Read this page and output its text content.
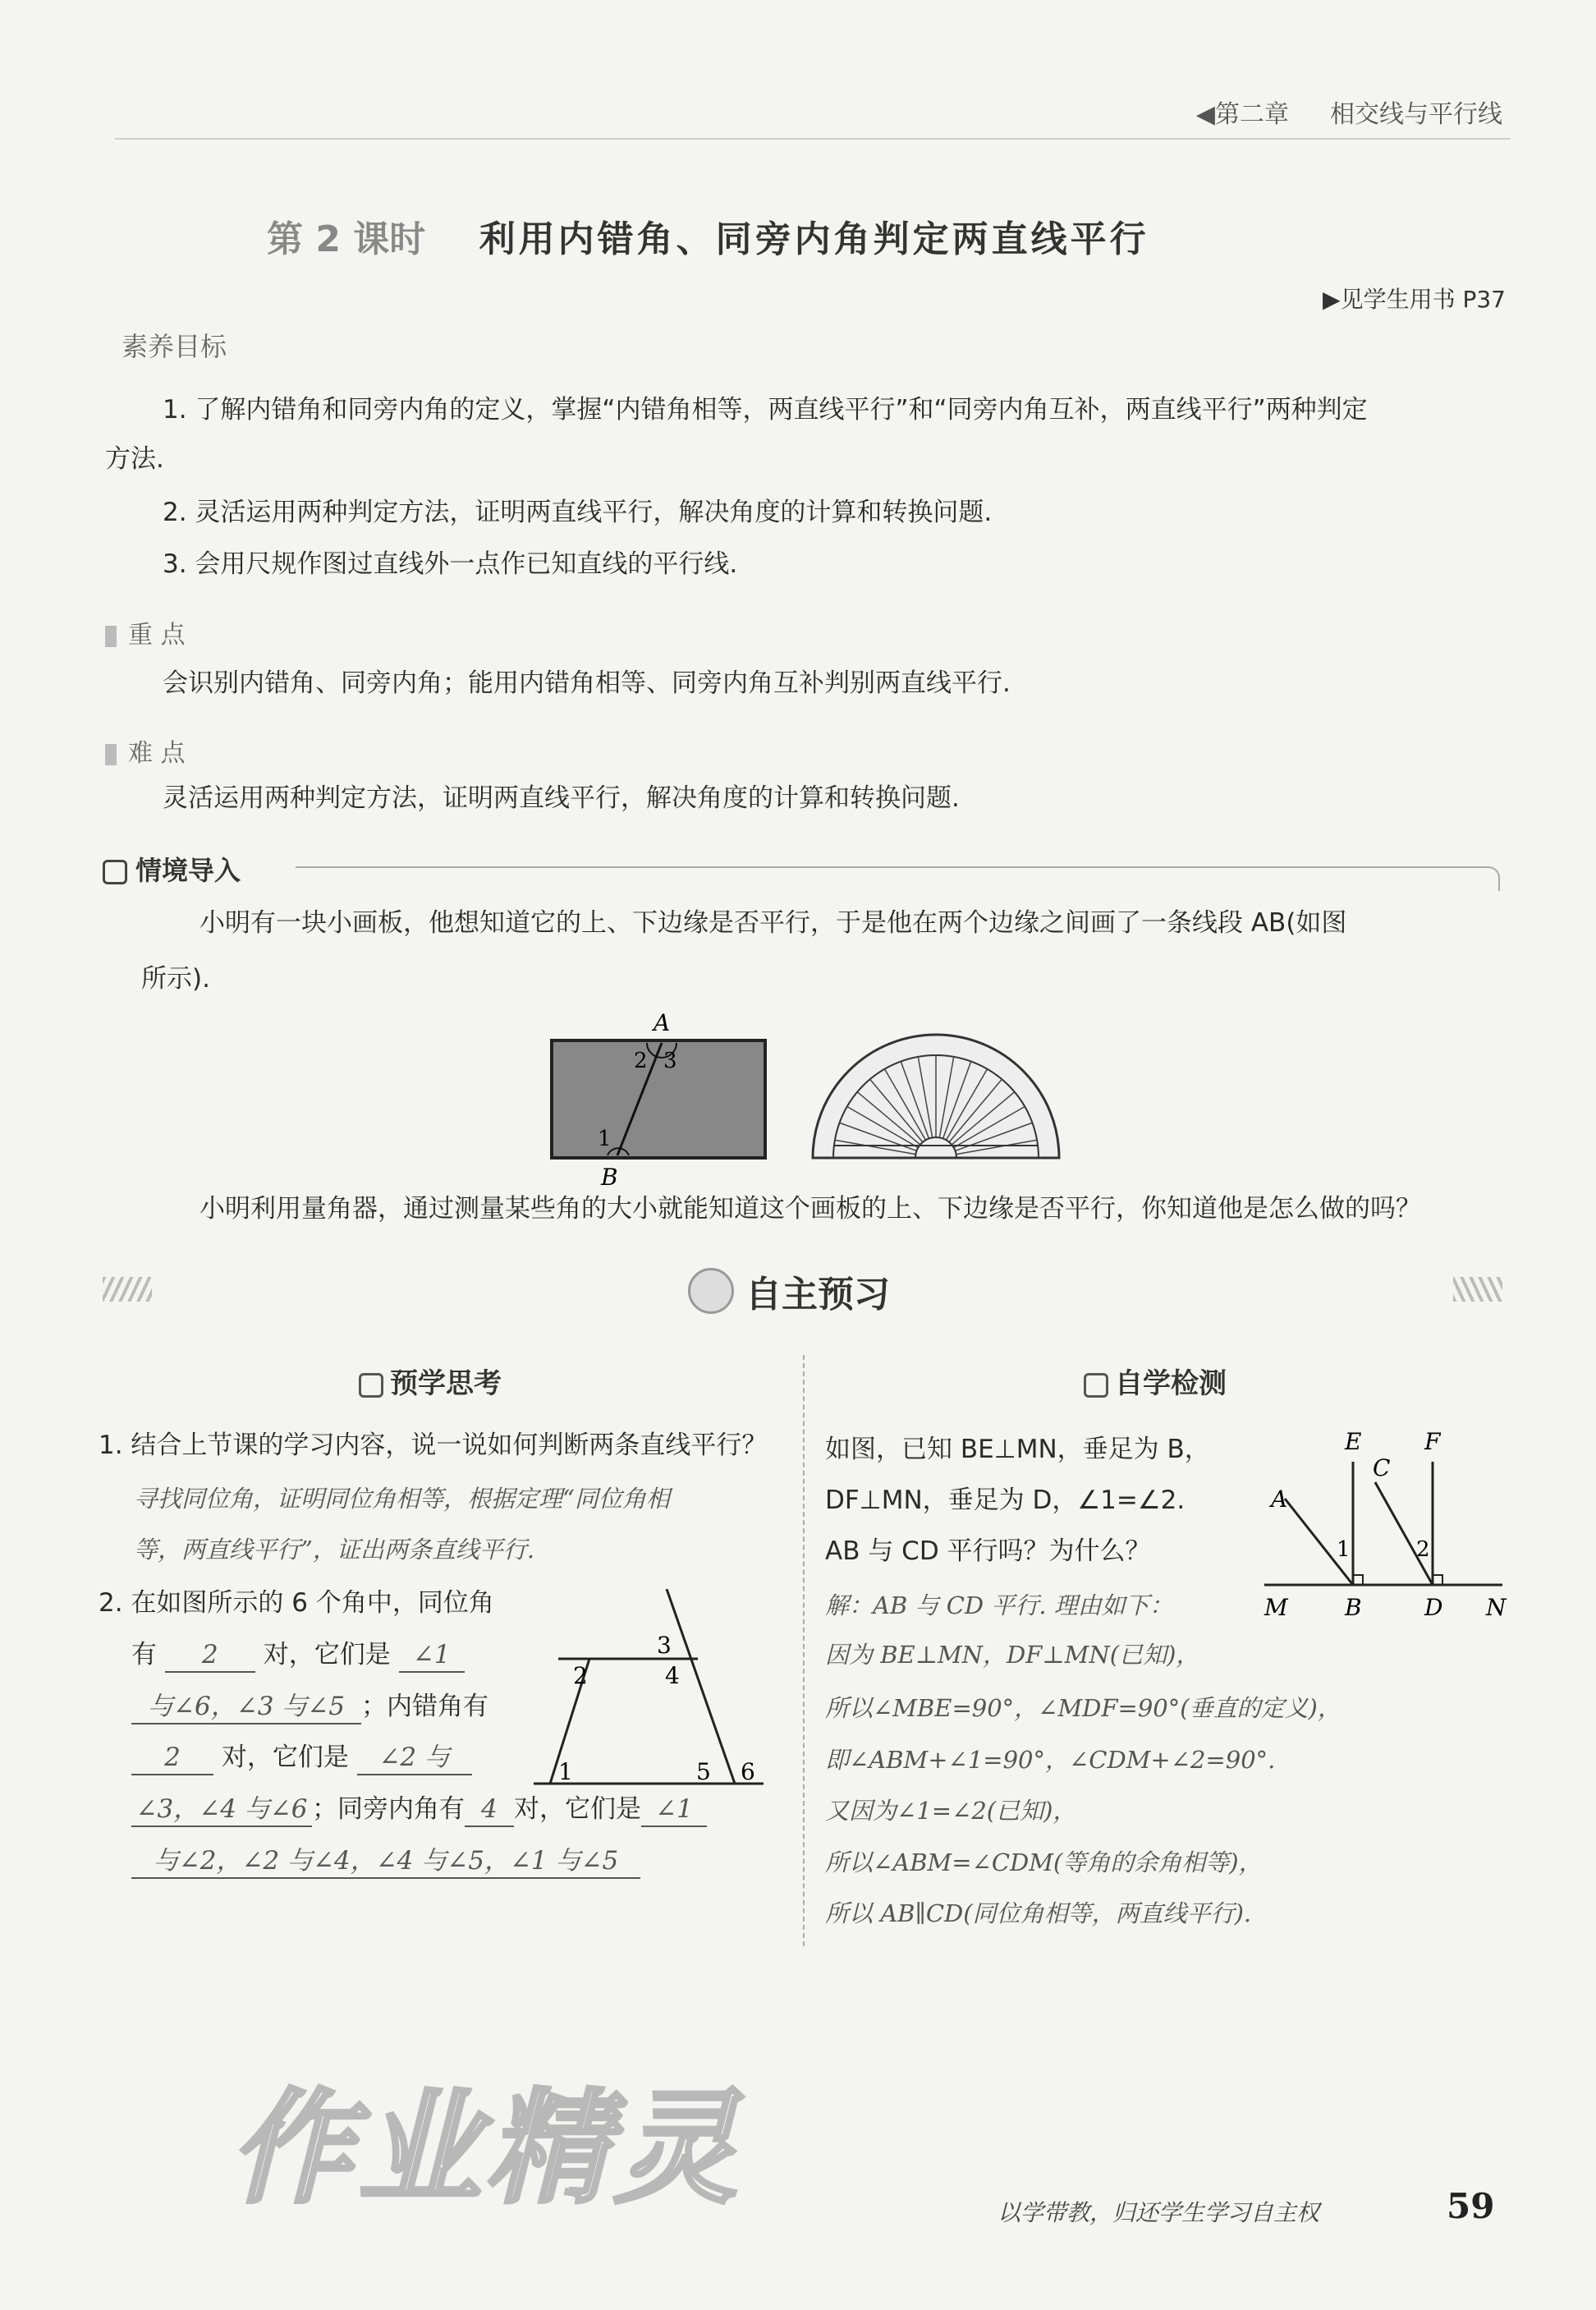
◀第二章 相交线与平行线
第 2 课时 利用内错角、同旁内角判定两直线平行
▶见学生用书 P37
素养目标
1. 了解内错角和同旁内角的定义，掌握“内错角相等，两直线平行”和“同旁内角互补，两直线平行”两种判定
方法.
2. 灵活运用两种判定方法，证明两直线平行，解决角度的计算和转换问题.
3. 会用尺规作图过直线外一点作已知直线的平行线.
重 点
会识别内错角、同旁内角；能用内错角相等、同旁内角互补判别两直线平行.
难 点
灵活运用两种判定方法，证明两直线平行，解决角度的计算和转换问题.
情境导入
小明有一块小画板，他想知道它的上、下边缘是否平行，于是他在两个边缘之间画了一条线段 AB(如图
所示).
A
B
2 3
1
小明利用量角器，通过测量某些角的大小就能知道这个画板的上、下边缘是否平行，你知道他是怎么做的吗？
自主预习
预学思考
1. 结合上节课的学习内容，说一说如何判断两条直线平行？
寻找同位角，证明同位角相等，根据定理“同位角相
等，两直线平行”，证出两条直线平行.
2. 在如图所示的 6 个角中，同位角
有 2 对，它们是 ∠1
与∠6，∠3 与∠5 ；内错角有
2 对，它们是 ∠2 与
∠3，∠4 与∠6 ；同旁内角有 4 对，它们是 ∠1
与∠2，∠2 与∠4，∠4 与∠5，∠1 与∠5
1
2
3
4
5 6
自学检测
如图，已知 BE⊥MN，垂足为 B，
DF⊥MN，垂足为 D，∠1=∠2.
AB 与 CD 平行吗？为什么？
解：AB 与 CD 平行. 理由如下：
因为 BE⊥MN，DF⊥MN(已知)，
所以∠MBE=90°，∠MDF=90°(垂直的定义)，
即∠ABM+∠1=90°，∠CDM+∠2=90°.
又因为∠1=∠2(已知)，
所以∠ABM=∠CDM(等角的余角相等)，
所以 AB∥CD(同位角相等，两直线平行).
E	F
C
A
M B	D N
1	2
作业精灵	以学带教，归还学生学习自主权	59
